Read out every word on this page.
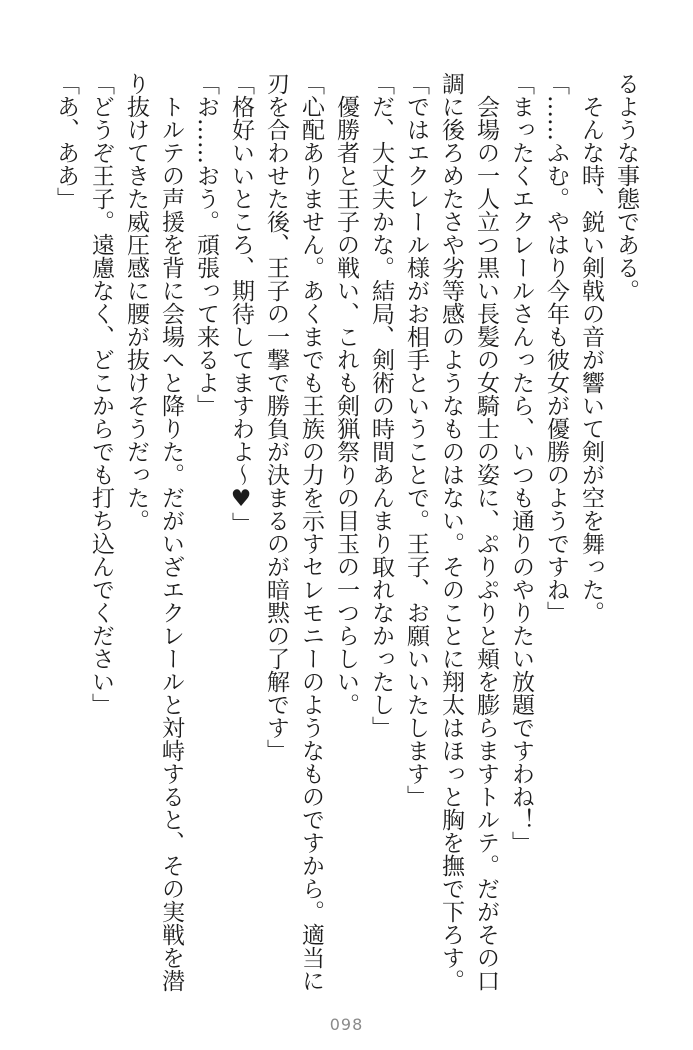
るような事態である。

　そんな時、鋭い剣戟の音が響いて剣が空を舞った。

「……ふむ。やはり今年も彼女が優勝のようですね」

「まったくエクレールさんったら、いつも通りのやりたい放題ですわね！」

　会場の一人立つ黒い長髪の女騎士の姿に、ぷりぷりと頬を膨らますトルテ。だがその口調に後ろめたさや劣等感のようなものはない。そのことに翔太はほっと胸を撫で下ろす。

「ではエクレール様がお相手ということで。王子、お願いいたします」

「だ、大丈夫かな。結局、剣術の時間あんまり取れなかったし」

　優勝者と王子の戦い、これも剣猟祭りの目玉の一つらしい。

「心配ありません。あくまでも王族の力を示すセレモニーのようなものですから。適当に刃を合わせた後、王子の一撃で勝負が決まるのが暗黙の了解です」

「格好いいところ、期待してますわよ～♥」

「お……おう。頑張って来るよ」

　トルテの声援を背に会場へと降りた。だがいざエクレールと対峙すると、その実戦を潜り抜けてきた威圧感に腰が抜けそうだった。

「どうぞ王子。遠慮なく、どこからでも打ち込んでください」

「あ、ああ」

098
